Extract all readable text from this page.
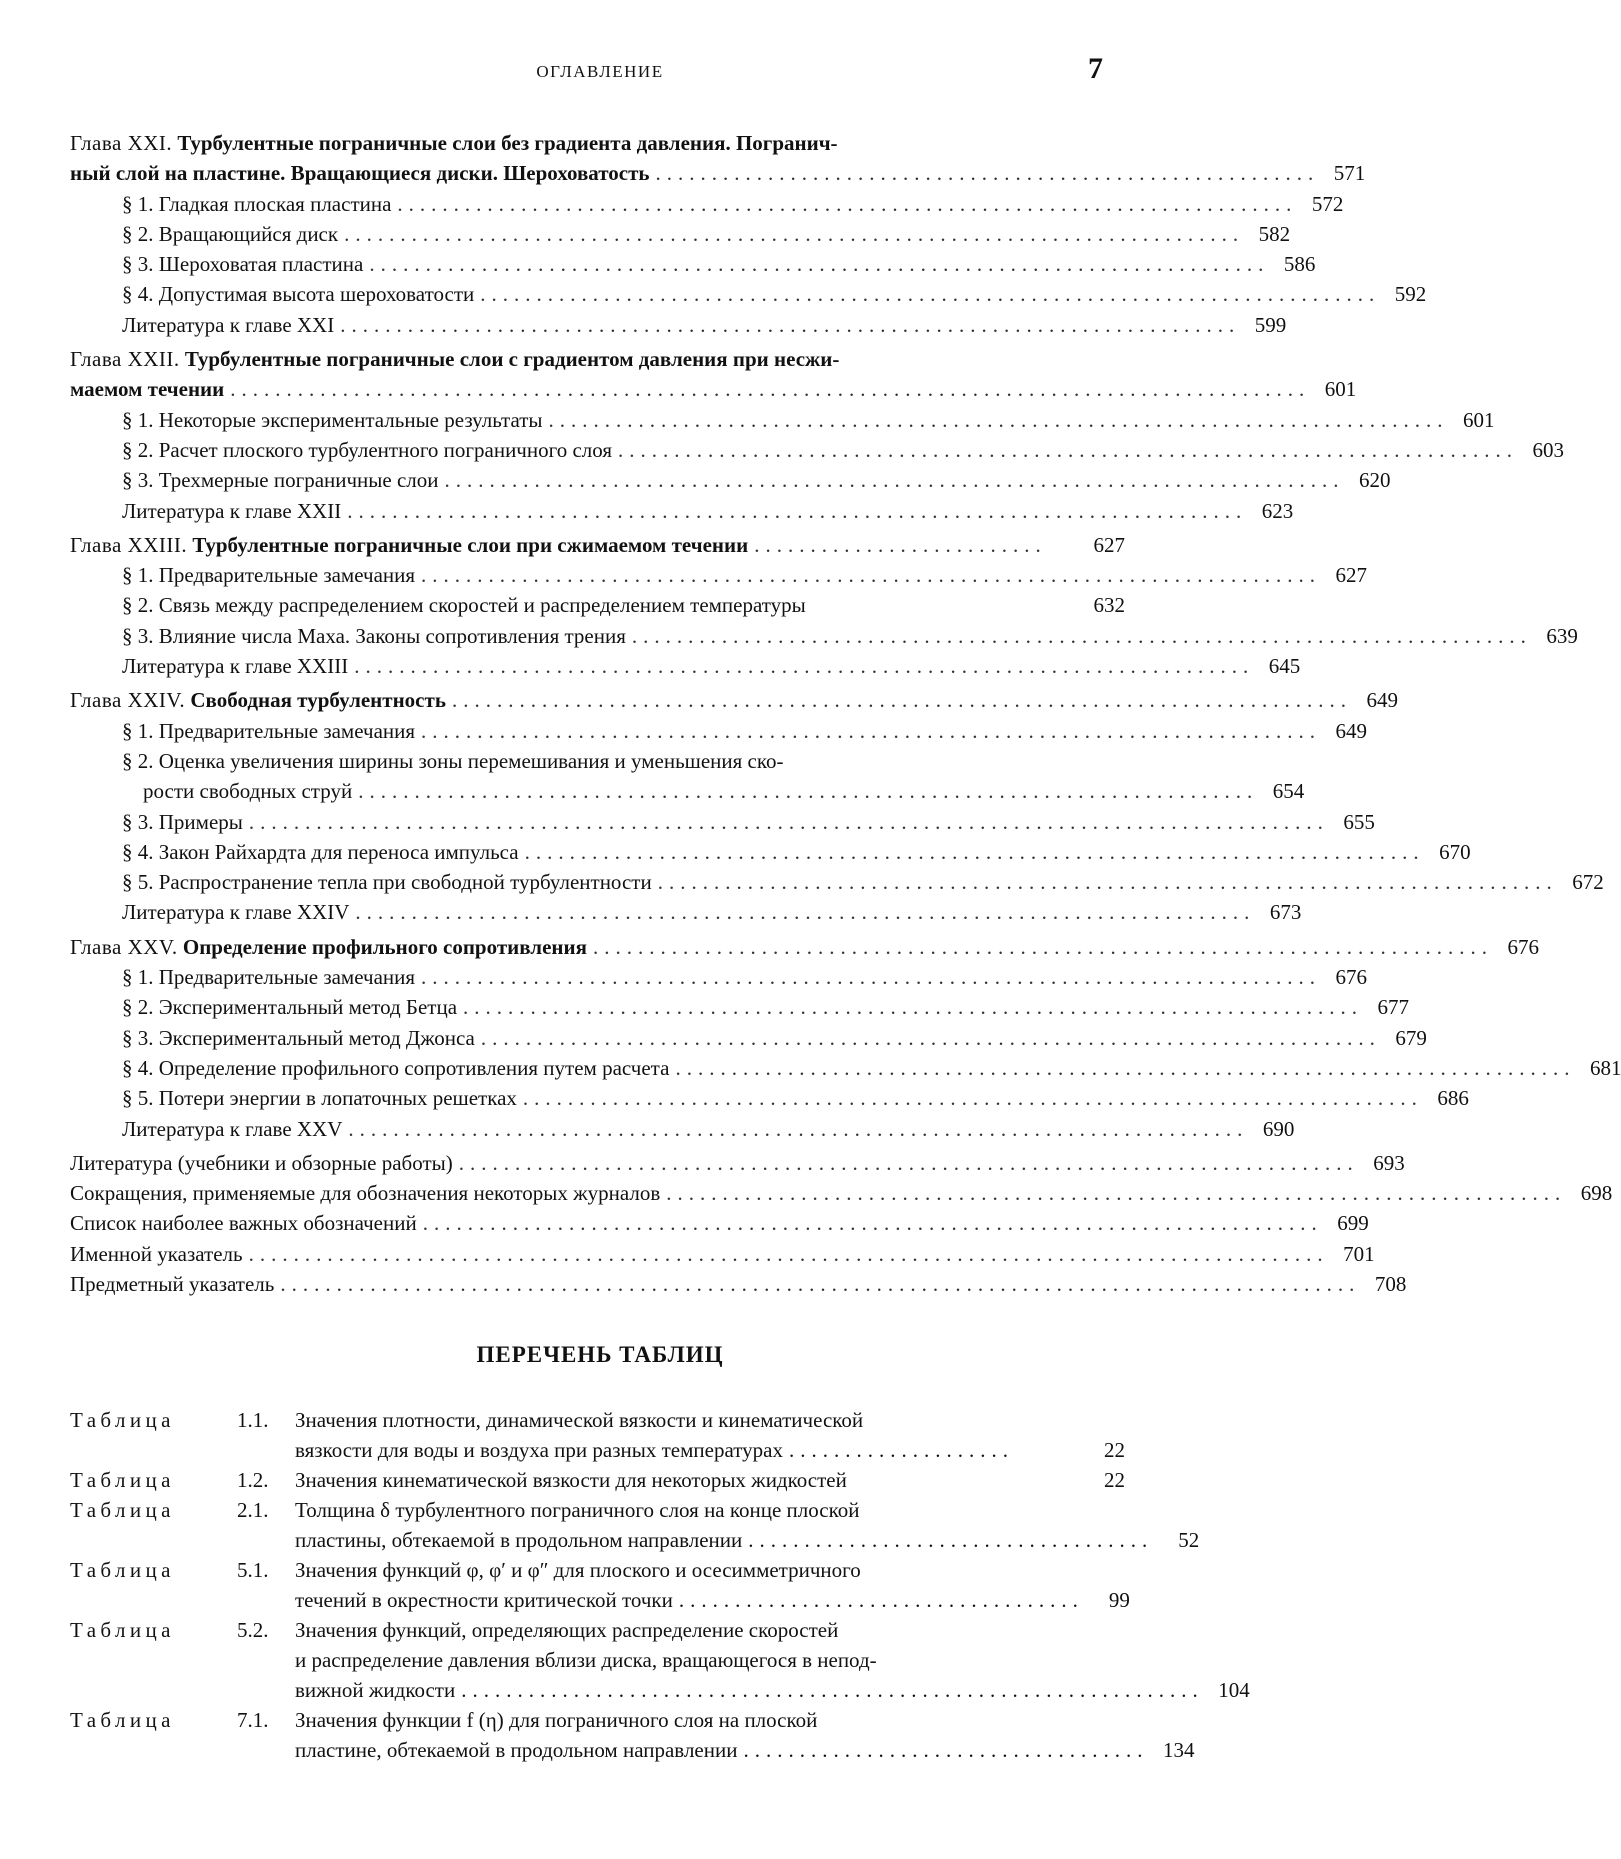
ОГЛАВЛЕНИЕ	7
Глава XXI. Турбулентные пограничные слои без градиента давления. Погранич-
ный слой на пластине. Вращающиеся диски. Шероховатость ........................................................... 571
§ 1. Гладкая плоская пластина ................................................................................ 572
§ 2. Вращающийся диск ................................................................................ 582
§ 3. Шероховатая пластина ................................................................................ 586
§ 4. Допустимая высота шероховатости ................................................................................ 592
Литература к главе XXI ................................................................................ 599
Глава XXII. Турбулентные пограничные слои с градиентом давления при несжи-
маемом течении ................................................................................................ 601
§ 1. Некоторые экспериментальные результаты ................................................................................ 601
§ 2. Расчет плоского турбулентного пограничного слоя ................................................................................ 603
§ 3. Трехмерные пограничные слои ................................................................................ 620
Литература к главе XXII ................................................................................ 623
Глава XXIII. Турбулентные пограничные слои при сжимаемом течении ..........................	627
§ 1. Предварительные замечания ................................................................................ 627
§ 2. Связь между распределением скоростей и распределением температуры	632
§ 3. Влияние числа Маха. Законы сопротивления трения ................................................................................ 639
Литература к главе XXIII ................................................................................ 645
Глава XXIV. Свободная турбулентность ................................................................................ 649
§ 1. Предварительные замечания ................................................................................ 649
§ 2. Оценка увеличения ширины зоны перемешивания и уменьшения ско-
рости свободных струй ................................................................................ 654
§ 3. Примеры ................................................................................................ 655
§ 4. Закон Райхардта для переноса импульса ................................................................................ 670
§ 5. Распространение тепла при свободной турбулентности ................................................................................ 672
Литература к главе XXIV ................................................................................ 673
Глава XXV. Определение профильного сопротивления ................................................................................ 676
§ 1. Предварительные замечания ................................................................................ 676
§ 2. Экспериментальный метод Бетца ................................................................................ 677
§ 3. Экспериментальный метод Джонса ................................................................................ 679
§ 4. Определение профильного сопротивления путем расчета ................................................................................ 681
§ 5. Потери энергии в лопаточных решетках ................................................................................ 686
Литература к главе XXV ................................................................................ 690
Литература (учебники и обзорные работы) ................................................................................ 693
Сокращения, применяемые для обозначения некоторых журналов ................................................................................ 698
Список наиболее важных обозначений ................................................................................ 699
Именной указатель ................................................................................................ 701
Предметный указатель ................................................................................................ 708
ПЕРЕЧЕНЬ ТАБЛИЦ
Таблица	1.1.	Значения плотности, динамической вязкости и кинематической
вязкости для воды и воздуха при разных температурах ....................	22
Таблица	1.2.	Значения кинематической вязкости для некоторых жидкостей	22
Таблица	2.1.	Толщина δ турбулентного пограничного слоя на конце плоской
пластины, обтекаемой в продольном направлении ....................................	52
Таблица	5.1.	Значения функций φ, φ′ и φ″ для плоского и осесимметричного
течений в окрестности критической точки ....................................	99
Таблица	5.2.	Значения функций, определяющих распределение скоростей
и распределение давления вблизи диска, вращающегося в непод-
вижной жидкости .................................................................. 104
Таблица	7.1.	Значения функции f (η) для пограничного слоя на плоской
пластине, обтекаемой в продольном направлении .................................... 134
